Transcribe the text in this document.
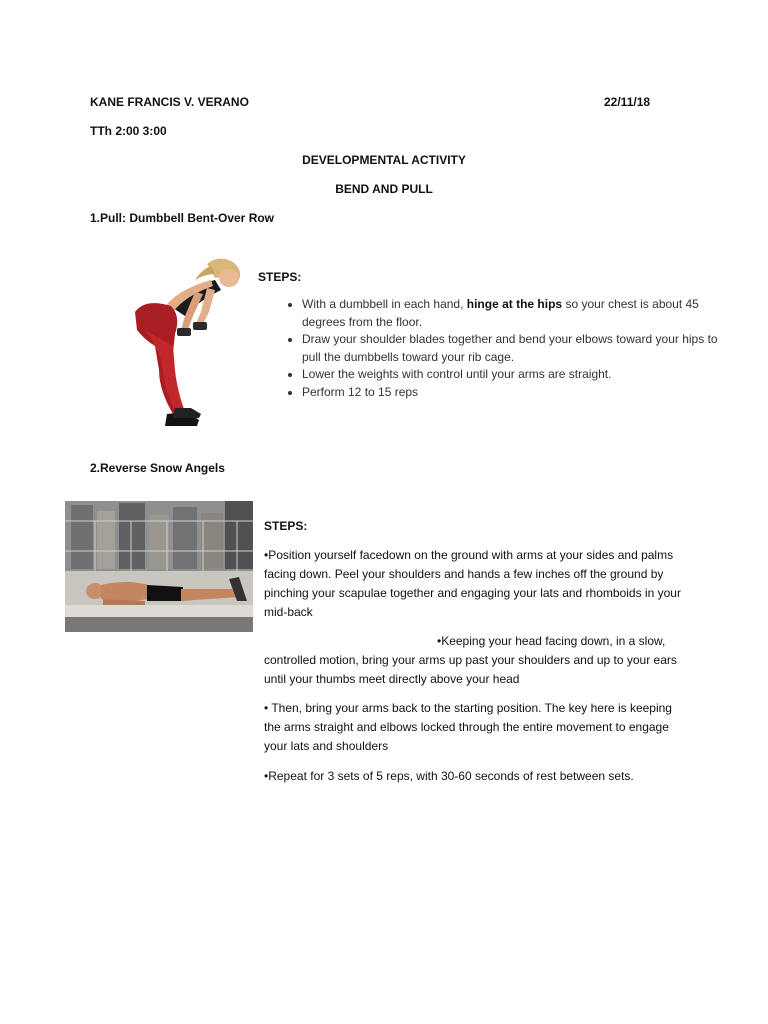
KANE FRANCIS V. VERANO	22/11/18
TTh 2:00 3:00
DEVELOPMENTAL ACTIVITY
BEND AND PULL
1.Pull: Dumbbell Bent-Over Row
STEPS:
• With a dumbbell in each hand, hinge at the hips so your chest is about 45 degrees from the floor.
• Draw your shoulder blades together and bend your elbows toward your hips to pull the dumbbells toward your rib cage.
• Lower the weights with control until your arms are straight.
• Perform 12 to 15 reps
2.Reverse Snow Angels
STEPS:

•Position yourself facedown on the ground with arms at your sides and palms facing down. Peel your shoulders and hands a few inches off the ground by pinching your scapulae together and engaging your lats and rhomboids in your mid-back

•Keeping your head facing down, in a slow, controlled motion, bring your arms up past your shoulders and up to your ears until your thumbs meet directly above your head

• Then, bring your arms back to the starting position. The key here is keeping the arms straight and elbows locked through the entire movement to engage your lats and shoulders

•Repeat for 3 sets of 5 reps, with 30-60 seconds of rest between sets.
